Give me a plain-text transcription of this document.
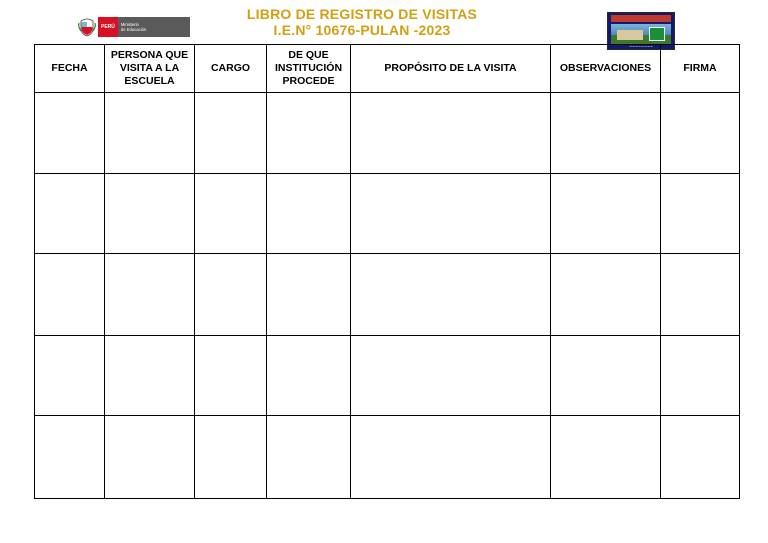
PERÚ	Ministerio
de Educación
LIBRO DE REGISTRO DE VISITAS
I.E.N° 10676-PULAN -2023
~~~~~~~~
FECHA	PERSONA QUE VISITA A LA ESCUELA	CARGO	DE QUE INSTITUCIÓN PROCEDE	PROPÓSITO DE LA VISITA	OBSERVACIONES	FIRMA
